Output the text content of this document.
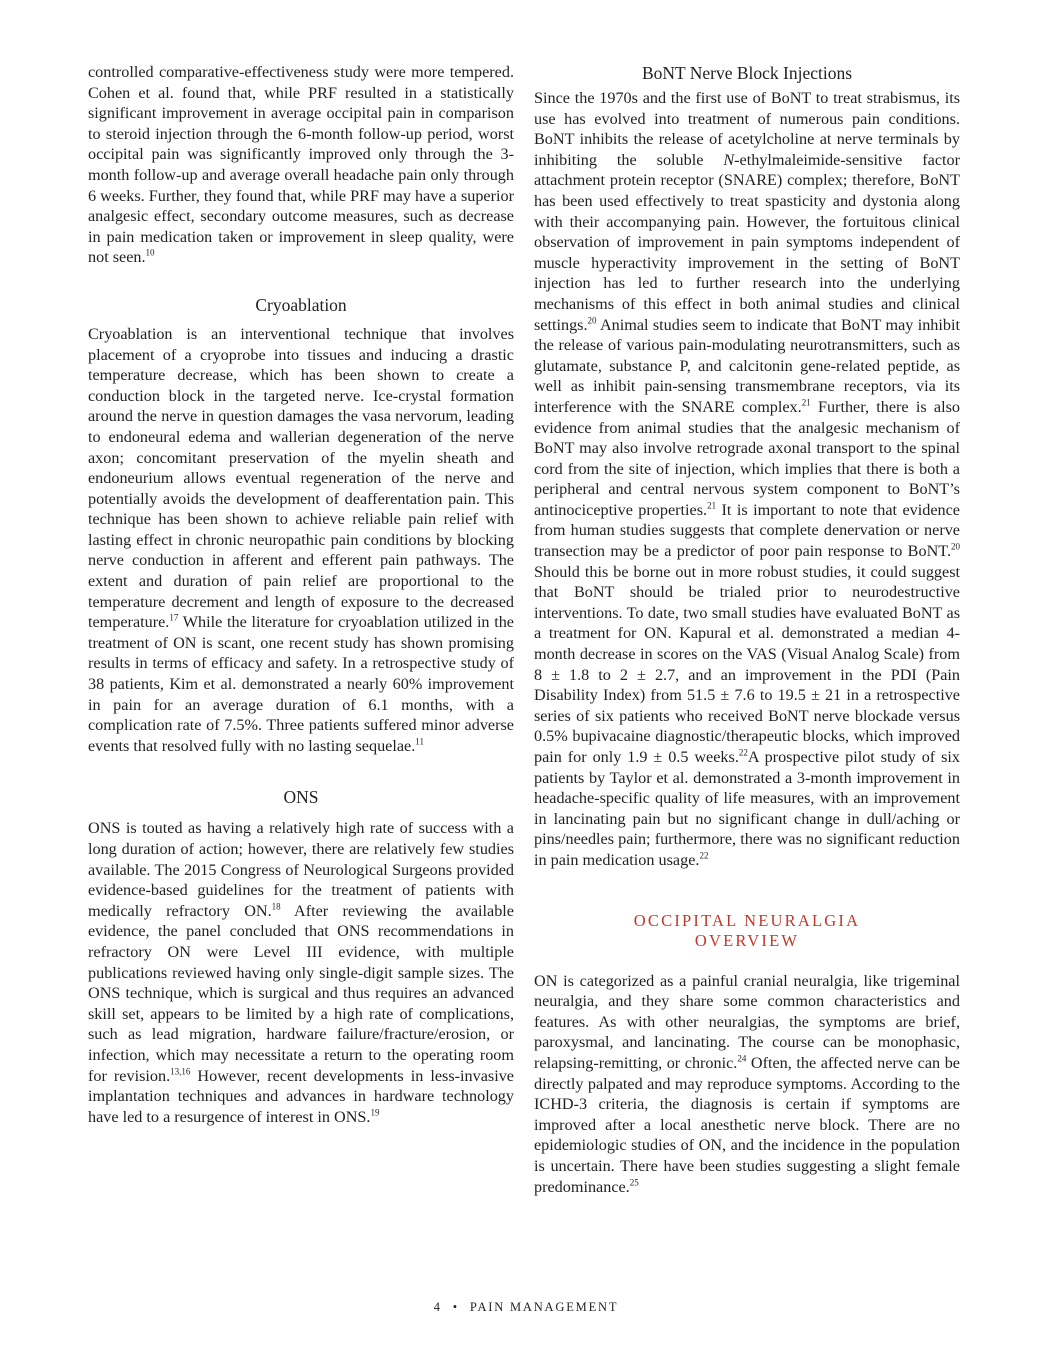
controlled comparative-effectiveness study were more tempered. Cohen et al. found that, while PRF resulted in a statistically significant improvement in average occipital pain in comparison to steroid injection through the 6-month follow-up period, worst occipital pain was significantly improved only through the 3-month follow-up and average overall headache pain only through 6 weeks. Further, they found that, while PRF may have a superior analgesic effect, secondary outcome measures, such as decrease in pain medication taken or improvement in sleep quality, were not seen.$^{10}$

Cryoablation

Cryoablation is an interventional technique that involves placement of a cryoprobe into tissues and inducing a drastic temperature decrease, which has been shown to create a conduction block in the targeted nerve. Ice-crystal formation around the nerve in question damages the vasa nervorum, leading to endoneural edema and wallerian degeneration of the nerve axon; concomitant preservation of the myelin sheath and endoneurium allows eventual regeneration of the nerve and potentially avoids the development of deafferentation pain. This technique has been shown to achieve reliable pain relief with lasting effect in chronic neuropathic pain conditions by blocking nerve conduction in afferent and efferent pain pathways. The extent and duration of pain relief are proportional to the temperature decrement and length of exposure to the decreased temperature.$^{17}$ While the literature for cryoablation utilized in the treatment of ON is scant, one recent study has shown promising results in terms of efficacy and safety. In a retrospective study of 38 patients, Kim et al. demonstrated a nearly 60% improvement in pain for an average duration of 6.1 months, with a complication rate of 7.5%. Three patients suffered minor adverse events that resolved fully with no lasting sequelae.$^{11}$

ONS

ONS is touted as having a relatively high rate of success with a long duration of action; however, there are relatively few studies available. The 2015 Congress of Neurological Surgeons provided evidence-based guidelines for the treatment of patients with medically refractory ON.$^{18}$ After reviewing the available evidence, the panel concluded that ONS recommendations in refractory ON were Level III evidence, with multiple publications reviewed having only single-digit sample sizes. The ONS technique, which is surgical and thus requires an advanced skill set, appears to be limited by a high rate of complications, such as lead migration, hardware failure/fracture/erosion, or infection, which may necessitate a return to the operating room for revision.$^{13,16}$ However, recent developments in less-invasive implantation techniques and advances in hardware technology have led to a resurgence of interest in ONS.$^{19}$

BoNT Nerve Block Injections

Since the 1970s and the first use of BoNT to treat strabismus, its use has evolved into treatment of numerous pain conditions. BoNT inhibits the release of acetylcholine at nerve terminals by inhibiting the soluble N-ethylmaleimide-sensitive factor attachment protein receptor (SNARE) complex; therefore, BoNT has been used effectively to treat spasticity and dystonia along with their accompanying pain. However, the fortuitous clinical observation of improvement in pain symptoms independent of muscle hyperactivity improvement in the setting of BoNT injection has led to further research into the underlying mechanisms of this effect in both animal studies and clinical settings.$^{20}$ Animal studies seem to indicate that BoNT may inhibit the release of various pain-modulating neurotransmitters, such as glutamate, substance P, and calcitonin gene-related peptide, as well as inhibit pain-sensing transmembrane receptors, via its interference with the SNARE complex.$^{21}$ Further, there is also evidence from animal studies that the analgesic mechanism of BoNT may also involve retrograde axonal transport to the spinal cord from the site of injection, which implies that there is both a peripheral and central nervous system component to BoNT’s antinociceptive properties.$^{21}$ It is important to note that evidence from human studies suggests that complete denervation or nerve transection may be a predictor of poor pain response to BoNT.$^{20}$ Should this be borne out in more robust studies, it could suggest that BoNT should be trialed prior to neurodestructive interventions. To date, two small studies have evaluated BoNT as a treatment for ON. Kapural et al. demonstrated a median 4-month decrease in scores on the VAS (Visual Analog Scale) from 8 ± 1.8 to 2 ± 2.7, and an improvement in the PDI (Pain Disability Index) from 51.5 ± 7.6 to 19.5 ± 21 in a retrospective series of six patients who received BoNT nerve blockade versus 0.5% bupivacaine diagnostic/therapeutic blocks, which improved pain for only 1.9 ± 0.5 weeks.$^{22}$A prospective pilot study of six patients by Taylor et al. demonstrated a 3-month improvement in headache-specific quality of life measures, with an improvement in lancinating pain but no significant change in dull/aching or pins/needles pain; furthermore, there was no significant reduction in pain medication usage.$^{22}$

OCCIPITAL NEURALGIA
OVERVIEW

ON is categorized as a painful cranial neuralgia, like trigeminal neuralgia, and they share some common characteristics and features. As with other neuralgias, the symptoms are brief, paroxysmal, and lancinating. The course can be monophasic, relapsing-remitting, or chronic.$^{24}$ Often, the affected nerve can be directly palpated and may reproduce symptoms. According to the ICHD-3 criteria, the diagnosis is certain if symptoms are improved after a local anesthetic nerve block. There are no epidemiologic studies of ON, and the incidence in the population is uncertain. There have been studies suggesting a slight female predominance.$^{25}$

4 • PAIN MANAGEMENT
